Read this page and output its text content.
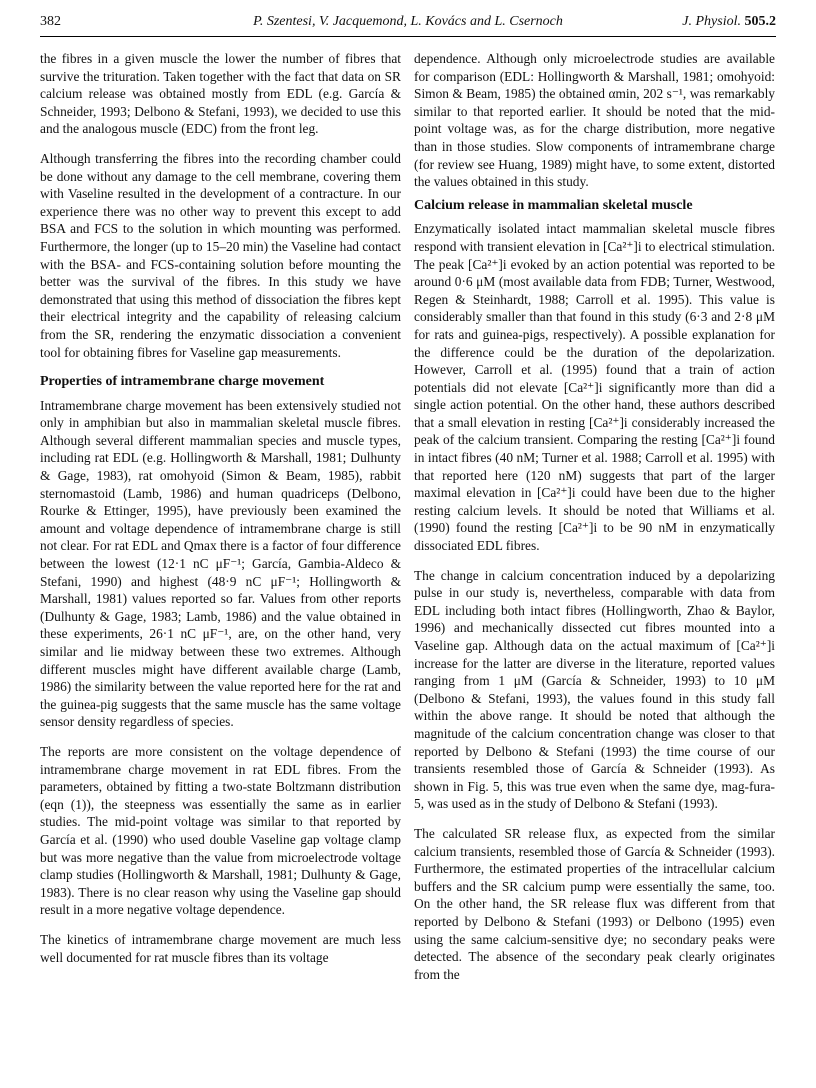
382	P. Szentesi, V. Jacquemond, L. Kovács and L. Csernoch	J. Physiol. 505.2

the fibres in a given muscle the lower the number of fibres that survive the trituration. Taken together with the fact that data on SR calcium release was obtained mostly from EDL (e.g. García & Schneider, 1993; Delbono & Stefani, 1993), we decided to use this and the analogous muscle (EDC) from the front leg.

Although transferring the fibres into the recording chamber could be done without any damage to the cell membrane, covering them with Vaseline resulted in the development of a contracture. In our experience there was no other way to prevent this except to add BSA and FCS to the solution in which mounting was performed. Furthermore, the longer (up to 15–20 min) the Vaseline had contact with the BSA- and FCS-containing solution before mounting the better was the survival of the fibres. In this study we have demonstrated that using this method of dissociation the fibres kept their electrical integrity and the capability of releasing calcium from the SR, rendering the enzymatic dissociation a convenient tool for obtaining fibres for Vaseline gap measurements.

Properties of intramembrane charge movement

Intramembrane charge movement has been extensively studied not only in amphibian but also in mammalian skeletal muscle fibres. Although several different mammalian species and muscle types, including rat EDL (e.g. Hollingworth & Marshall, 1981; Dulhunty & Gage, 1983), rat omohyoid (Simon & Beam, 1985), rabbit sternomastoid (Lamb, 1986) and human quadriceps (Delbono, Rourke & Ettinger, 1995), have previously been examined the amount and voltage dependence of intramembrane charge is still not clear. For rat EDL and Qmax there is a factor of four difference between the lowest (12·1 nC μF⁻¹; García, Gambia-Aldeco & Stefani, 1990) and highest (48·9 nC μF⁻¹; Hollingworth & Marshall, 1981) values reported so far. Values from other reports (Dulhunty & Gage, 1983; Lamb, 1986) and the value obtained in these experiments, 26·1 nC μF⁻¹, are, on the other hand, very similar and lie midway between these two extremes. Although different muscles might have different available charge (Lamb, 1986) the similarity between the value reported here for the rat and the guinea-pig suggests that the same muscle has the same voltage sensor density regardless of species.

The reports are more consistent on the voltage dependence of intramembrane charge movement in rat EDL fibres. From the parameters, obtained by fitting a two-state Boltzmann distribution (eqn (1)), the steepness was essentially the same as in earlier studies. The mid-point voltage was similar to that reported by García et al. (1990) who used double Vaseline gap voltage clamp but was more negative than the value from microelectrode voltage clamp studies (Hollingworth & Marshall, 1981; Dulhunty & Gage, 1983). There is no clear reason why using the Vaseline gap should result in a more negative voltage dependence.

The kinetics of intramembrane charge movement are much less well documented for rat muscle fibres than its voltage

dependence. Although only microelectrode studies are available for comparison (EDL: Hollingworth & Marshall, 1981; omohyoid: Simon & Beam, 1985) the obtained αmin, 202 s⁻¹, was remarkably similar to that reported earlier. It should be noted that the mid-point voltage was, as for the charge distribution, more negative than in those studies. Slow components of intramembrane charge (for review see Huang, 1989) might have, to some extent, distorted the values obtained in this study.

Calcium release in mammalian skeletal muscle

Enzymatically isolated intact mammalian skeletal muscle fibres respond with transient elevation in [Ca²⁺]i to electrical stimulation. The peak [Ca²⁺]i evoked by an action potential was reported to be around 0·6 μM (most available data from FDB; Turner, Westwood, Regen & Steinhardt, 1988; Carroll et al. 1995). This value is considerably smaller than that found in this study (6·3 and 2·8 μM for rats and guinea-pigs, respectively). A possible explanation for the difference could be the duration of the depolarization. However, Carroll et al. (1995) found that a train of action potentials did not elevate [Ca²⁺]i significantly more than did a single action potential. On the other hand, these authors described that a small elevation in resting [Ca²⁺]i considerably increased the peak of the calcium transient. Comparing the resting [Ca²⁺]i found in intact fibres (40 nM; Turner et al. 1988; Carroll et al. 1995) with that reported here (120 nM) suggests that part of the larger maximal elevation in [Ca²⁺]i could have been due to the higher resting calcium levels. It should be noted that Williams et al. (1990) found the resting [Ca²⁺]i to be 90 nM in enzymatically dissociated EDL fibres.

The change in calcium concentration induced by a depolarizing pulse in our study is, nevertheless, comparable with data from EDL including both intact fibres (Hollingworth, Zhao & Baylor, 1996) and mechanically dissected cut fibres mounted into a Vaseline gap. Although data on the actual maximum of [Ca²⁺]i increase for the latter are diverse in the literature, reported values ranging from 1 μM (García & Schneider, 1993) to 10 μM (Delbono & Stefani, 1993), the values found in this study fall within the above range. It should be noted that although the magnitude of the calcium concentration change was closer to that reported by Delbono & Stefani (1993) the time course of our transients resembled those of García & Schneider (1993). As shown in Fig. 5, this was true even when the same dye, mag-fura-5, was used as in the study of Delbono & Stefani (1993).

The calculated SR release flux, as expected from the similar calcium transients, resembled those of García & Schneider (1993). Furthermore, the estimated properties of the intracellular calcium buffers and the SR calcium pump were essentially the same, too. On the other hand, the SR release flux was different from that reported by Delbono & Stefani (1993) or Delbono (1995) even using the same calcium-sensitive dye; no secondary peaks were detected. The absence of the secondary peak clearly originates from the
